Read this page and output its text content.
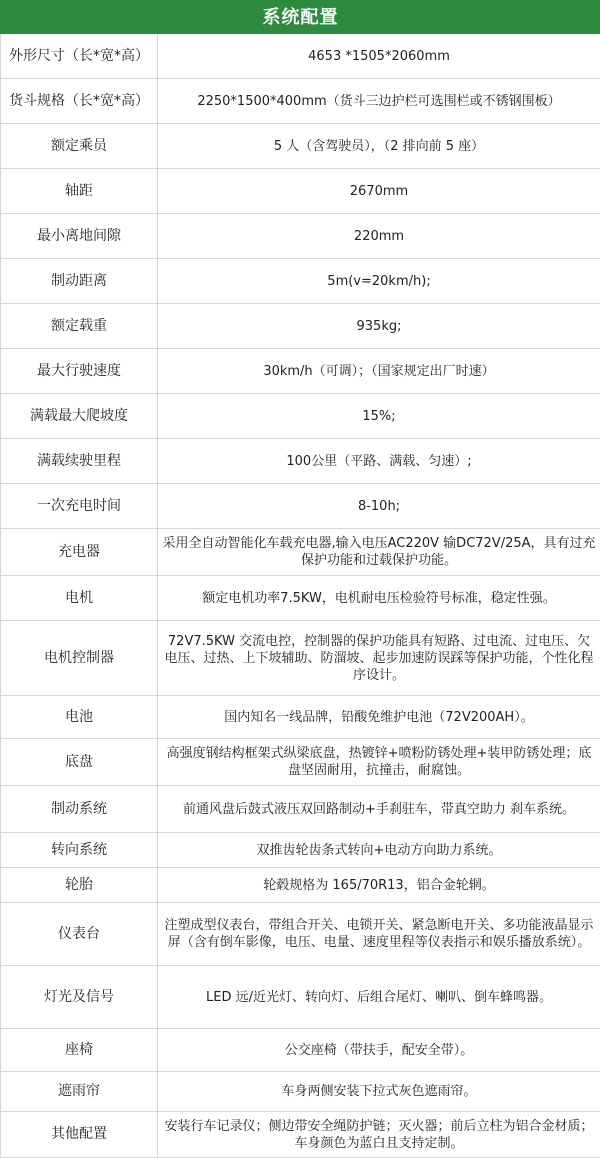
系统配置	
外形尺寸（长*宽*高）	4653 *1505*2060mm
货斗规格（长*宽*高）	2250*1500*400mm（货斗三边护栏可选围栏或不锈钢围板）
额定乘员	5 人（含驾驶员），（2 排向前 5 座）
轴距	2670mm
最小离地间隙	220mm
制动距离	5m(v=20km/h);
额定载重	935kg;
最大行驶速度	30km/h（可调）；（国家规定出厂时速）
满载最大爬坡度	15%;
满载续驶里程	100公里（平路、满载、匀速）;
一次充电时间	8-10h;
充电器	采用全自动智能化车载充电器,输入电压AC220V 输DC72V/25A，具有过充保护功能和过载保护功能。
电机	额定电机功率7.5KW，电机耐电压检验符号标准，稳定性强。
电机控制器	72V7.5KW 交流电控，控制器的保护功能具有短路、过电流、过电压、欠电压、过热、上下坡辅助、防溜坡、起步加速防误踩等保护功能，个性化程序设计。
电池	国内知名一线品牌，铅酸免维护电池（72V200AH）。
底盘	高强度钢结构框架式纵梁底盘，热镀锌+喷粉防锈处理+装甲防锈处理；底盘坚固耐用，抗撞击，耐腐蚀。
制动系统	前通风盘后鼓式液压双回路制动+手刹驻车，带真空助力 刹车系统。
转向系统	双推齿轮齿条式转向+电动方向助力系统。
轮胎	轮毂规格为 165/70R13，铝合金轮辋。
仪表台	注塑成型仪表台，带组合开关、电锁开关、紧急断电开关、多功能液晶显示屏（含有倒车影像，电压、电量、速度里程等仪表指示和娱乐播放系统）。
灯光及信号	LED 远/近光灯、转向灯、后组合尾灯、喇叭、倒车蜂鸣器。
座椅	公交座椅（带扶手，配安全带）。
遮雨帘	车身两侧安装下拉式灰色遮雨帘。
其他配置	安装行车记录仪；侧边带安全绳防护链；灭火器；前后立柱为铝合金材质；车身颜色为蓝白且支持定制。
